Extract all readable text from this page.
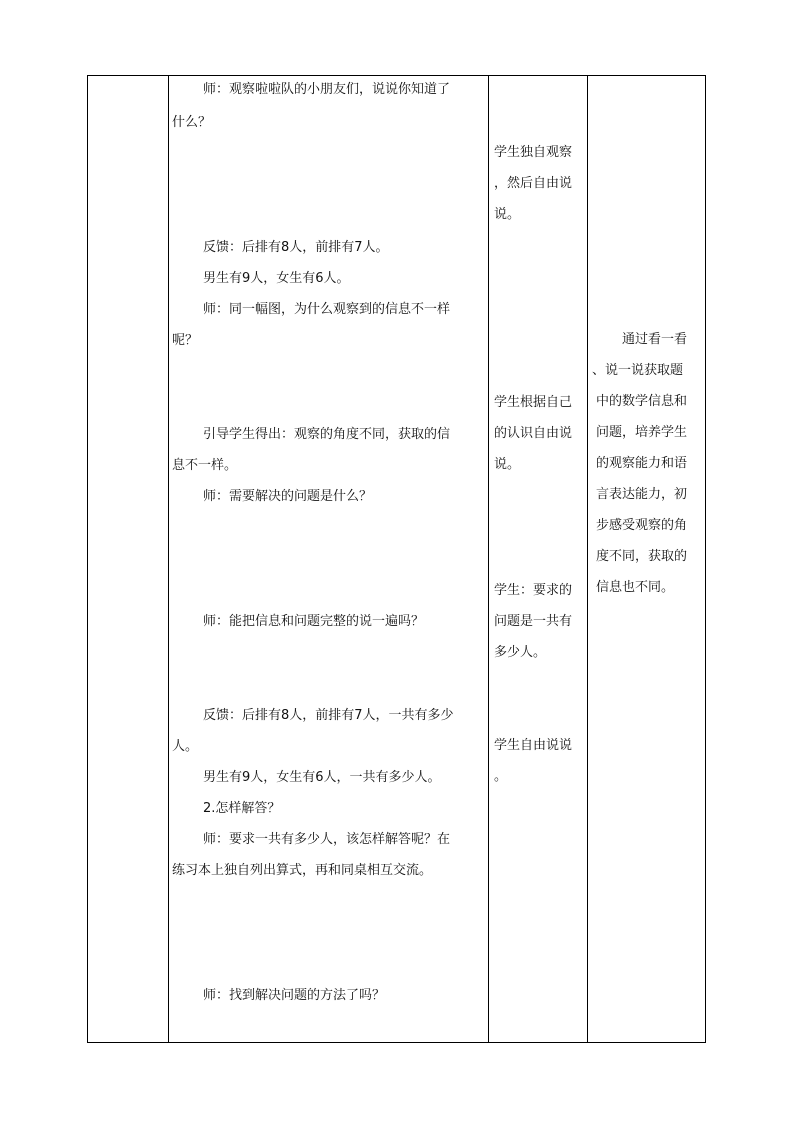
师：观察啦啦队的小朋友们，说说你知道了
什么？
反馈：后排有8人，前排有7人。
男生有9人，女生有6人。
师：同一幅图，为什么观察到的信息不一样
呢？
引导学生得出：观察的角度不同，获取的信
息不一样。
师：需要解决的问题是什么？
师：能把信息和问题完整的说一遍吗？
反馈：后排有8人，前排有7人，一共有多少
人。
男生有9人，女生有6人，一共有多少人。
2.怎样解答？
师：要求一共有多少人，该怎样解答呢？在
练习本上独自列出算式，再和同桌相互交流。
师：找到解决问题的方法了吗？
学生独自观察
，然后自由说
说。
学生根据自己
的认识自由说
说。
学生：要求的
问题是一共有
多少人。
学生自由说说
。
通过看一看
、说一说获取题
中的数学信息和
问题，培养学生
的观察能力和语
言表达能力，初
步感受观察的角
度不同，获取的
信息也不同。
